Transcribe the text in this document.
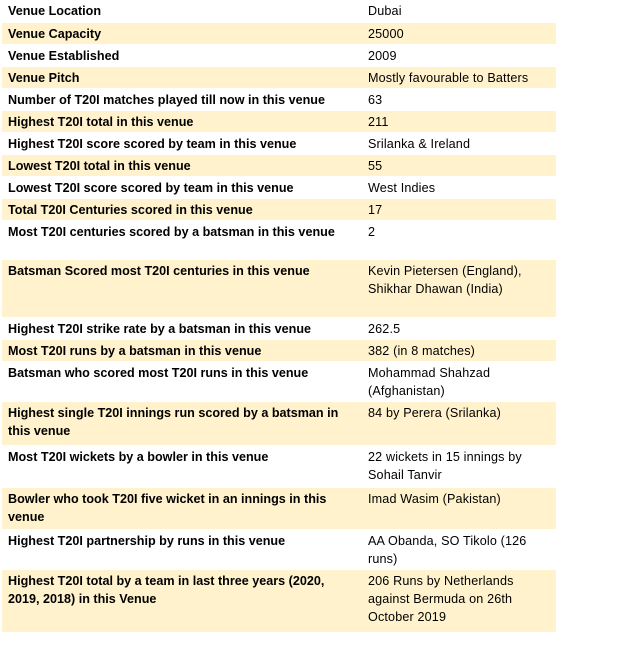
Venue Location	Dubai
Venue Capacity	25000
Venue Established	2009
Venue Pitch	Mostly favourable to Batters
Number of T20I matches played till now in this venue	63
Highest T20I total in this venue	211
Highest T20I score scored by team in this venue	Srilanka & Ireland
Lowest T20I total in this venue	55
Lowest T20I score scored by team in this venue	West Indies
Total T20I Centuries scored in this venue	17
Most T20I centuries scored by a batsman in this venue	2
Batsman Scored most T20I centuries in this venue	Kevin Pietersen (England), Shikhar Dhawan (India)
Highest T20I strike rate by a batsman in this venue	262.5
Most T20I runs by a batsman in this venue	382 (in 8 matches)
Batsman who scored most T20I runs in this venue	Mohammad Shahzad (Afghanistan)
Highest single T20I innings run scored by a batsman in this venue	84 by Perera (Srilanka)
Most T20I wickets by a bowler in this venue	22 wickets in 15 innings by Sohail Tanvir
Bowler who took T20I five wicket in an innings in this venue	Imad Wasim (Pakistan)
Highest T20I partnership by runs in this venue	AA Obanda, SO Tikolo (126 runs)
Highest T20I total by a team in last three years (2020, 2019, 2018) in this Venue	206 Runs by Netherlands against Bermuda on 26th October 2019
